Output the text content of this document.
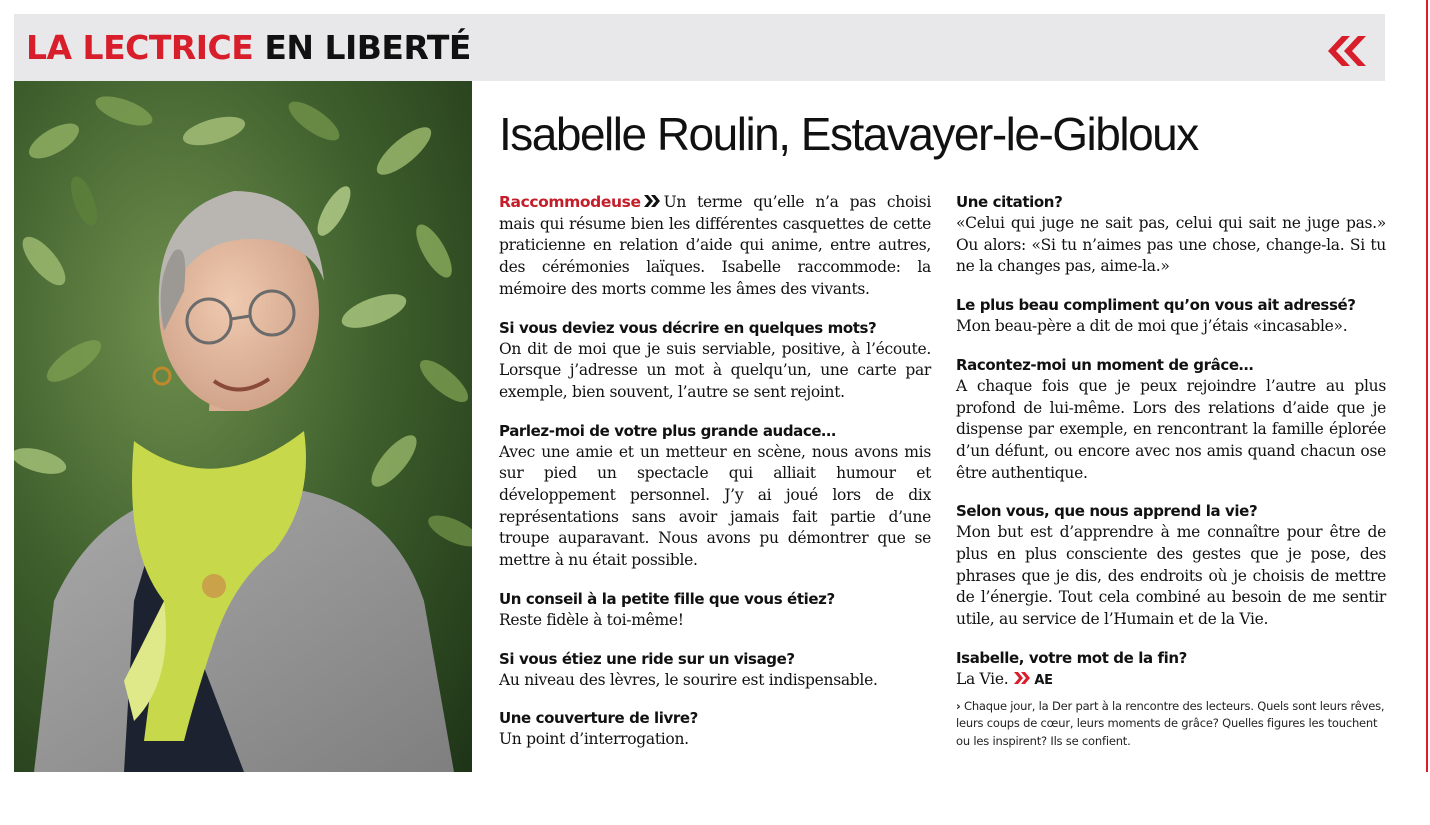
LA LECTRICE EN LIBERTÉ
Isabelle Roulin, Estavayer-le-Gibloux
Raccommodeuse Un terme qu’elle n’a pas choisi mais qui résume bien les différentes casquettes de cette praticienne en relation d’aide qui anime, entre autres, des cérémonies laïques. Isabelle raccommode: la mémoire des morts comme les âmes des vivants.
Si vous deviez vous décrire en quelques mots?
On dit de moi que je suis serviable, positive, à l’écoute. Lorsque j’adresse un mot à quelqu’un, une carte par exemple, bien souvent, l’autre se sent rejoint.
Parlez-moi de votre plus grande audace…
Avec une amie et un metteur en scène, nous avons mis sur pied un spectacle qui alliait humour et développement personnel. J’y ai joué lors de dix représentations sans avoir jamais fait partie d’une troupe auparavant. Nous avons pu démontrer que se mettre à nu était possible.
Un conseil à la petite fille que vous étiez?
Reste fidèle à toi-même!
Si vous étiez une ride sur un visage?
Au niveau des lèvres, le sourire est indispensable.
Une couverture de livre?
Un point d’interrogation.
Une citation?
«Celui qui juge ne sait pas, celui qui sait ne juge pas.» Ou alors: «Si tu n’aimes pas une chose, change-la. Si tu ne la changes pas, aime-la.»
Le plus beau compliment qu’on vous ait adressé?
Mon beau-père a dit de moi que j’étais «incasable».
Racontez-moi un moment de grâce…
A chaque fois que je peux rejoindre l’autre au plus profond de lui-même. Lors des relations d’aide que je dispense par exemple, en rencontrant la famille éplorée d’un défunt, ou encore avec nos amis quand chacun ose être authentique.
Selon vous, que nous apprend la vie?
Mon but est d’apprendre à me connaître pour être de plus en plus consciente des gestes que je pose, des phrases que je dis, des endroits où je choisis de mettre de l’énergie. Tout cela combiné au besoin de me sentir utile, au service de l’Humain et de la Vie.
Isabelle, votre mot de la fin?
La Vie. AE
› Chaque jour, la Der part à la rencontre des lecteurs. Quels sont leurs rêves, leurs coups de cœur, leurs moments de grâce? Quelles figures les touchent ou les inspirent? Ils se confient.
